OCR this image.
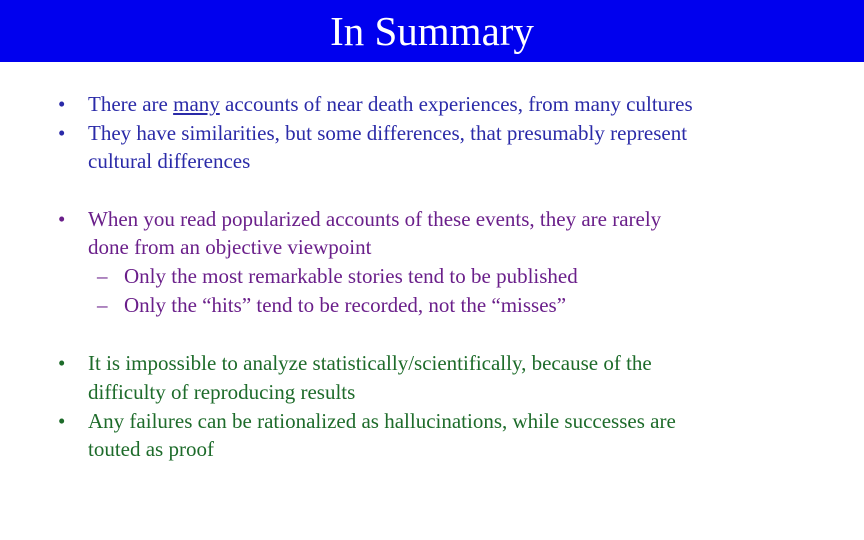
In Summary
• There are many accounts of near death experiences, from many cultures
• They have similarities, but some differences, that presumably represent
cultural differences
• When you read popularized accounts of these events, they are rarely
done from an objective viewpoint
– Only the most remarkable stories tend to be published
– Only the “hits” tend to be recorded, not the “misses”
• It is impossible to analyze statistically/scientifically, because of the
difficulty of reproducing results
• Any failures can be rationalized as hallucinations, while successes are
touted as proof
